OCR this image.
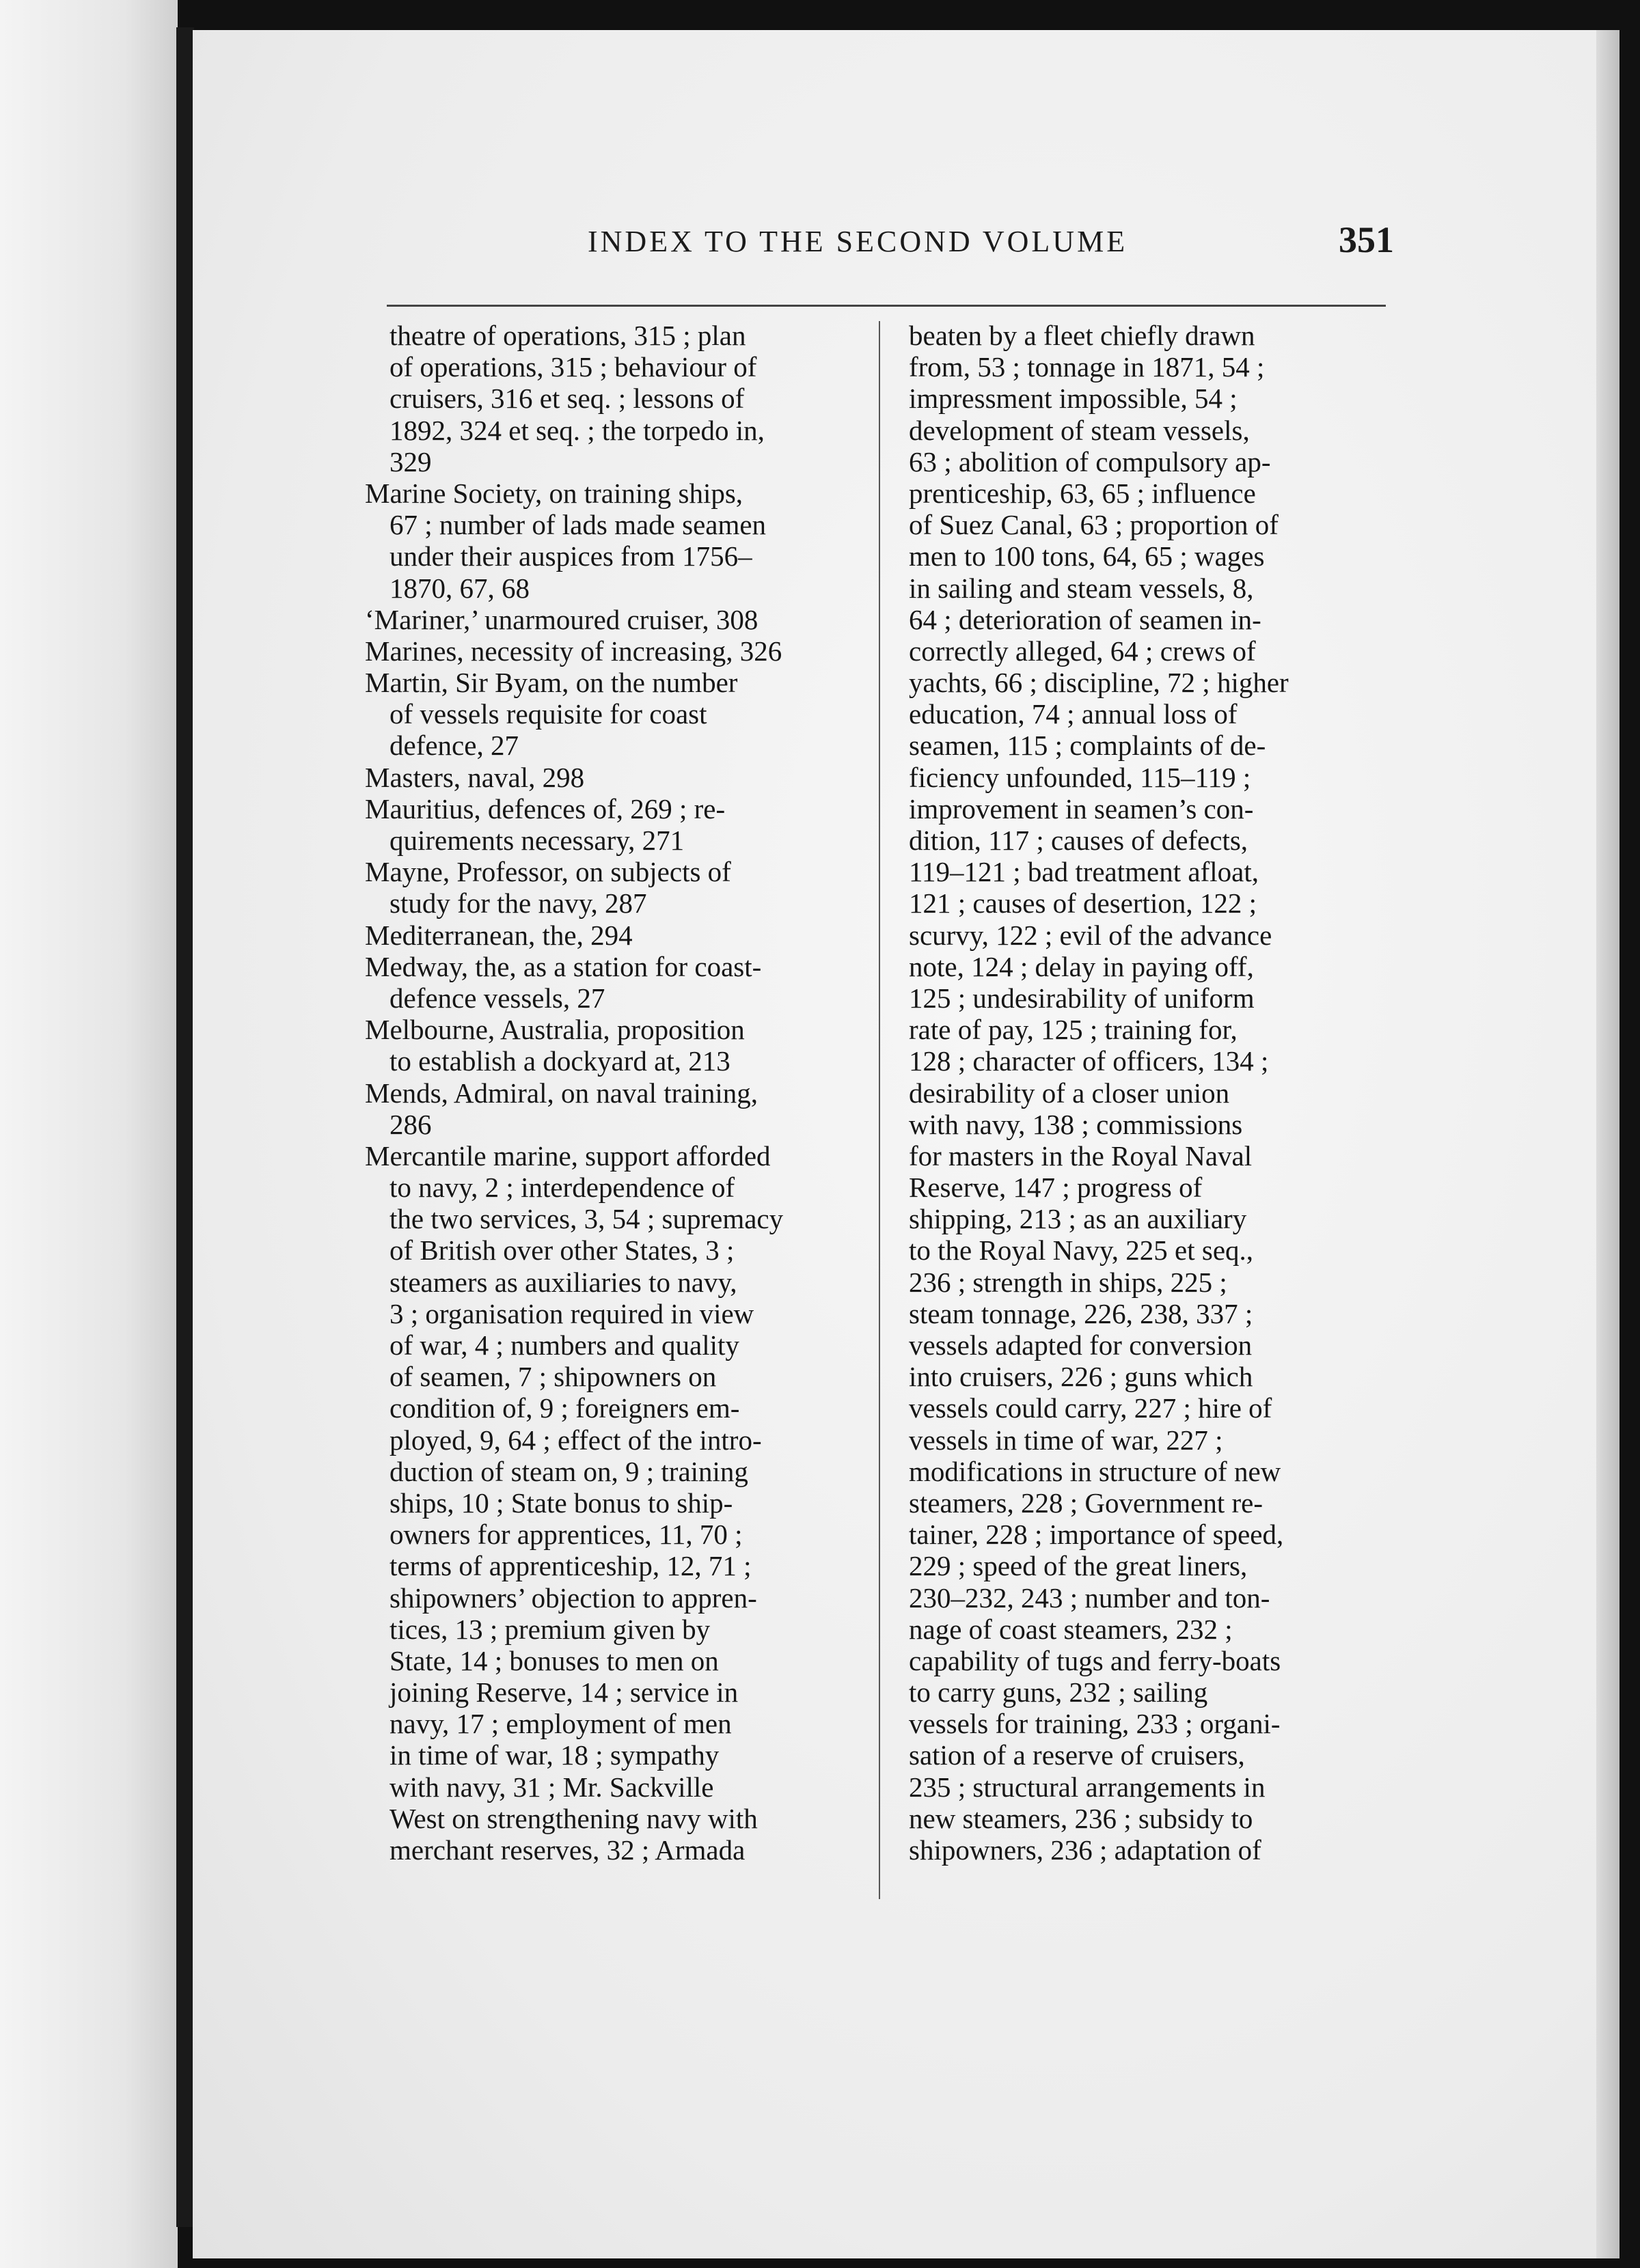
INDEX TO THE SECOND VOLUME	351
theatre of operations, 315 ; plan
of operations, 315 ; behaviour of
cruisers, 316 et seq. ; lessons of
1892, 324 et seq. ; the torpedo in,
329
Marine Society, on training ships,
67 ; number of lads made seamen
under their auspices from 1756–
1870, 67, 68
‘Mariner,’ unarmoured cruiser, 308
Marines, necessity of increasing, 326
Martin, Sir Byam, on the number
of vessels requisite for coast
defence, 27
Masters, naval, 298
Mauritius, defences of, 269 ; re-
quirements necessary, 271
Mayne, Professor, on subjects of
study for the navy, 287
Mediterranean, the, 294
Medway, the, as a station for coast-
defence vessels, 27
Melbourne, Australia, proposition
to establish a dockyard at, 213
Mends, Admiral, on naval training,
286
Mercantile marine, support afforded
to navy, 2 ; interdependence of
the two services, 3, 54 ; supremacy
of British over other States, 3 ;
steamers as auxiliaries to navy,
3 ; organisation required in view
of war, 4 ; numbers and quality
of seamen, 7 ; shipowners on
condition of, 9 ; foreigners em-
ployed, 9, 64 ; effect of the intro-
duction of steam on, 9 ; training
ships, 10 ; State bonus to ship-
owners for apprentices, 11, 70 ;
terms of apprenticeship, 12, 71 ;
shipowners’ objection to appren-
tices, 13 ; premium given by
State, 14 ; bonuses to men on
joining Reserve, 14 ; service in
navy, 17 ; employment of men
in time of war, 18 ; sympathy
with navy, 31 ; Mr. Sackville
West on strengthening navy with
merchant reserves, 32 ; Armada
beaten by a fleet chiefly drawn
from, 53 ; tonnage in 1871, 54 ;
impressment impossible, 54 ;
development of steam vessels,
63 ; abolition of compulsory ap-
prenticeship, 63, 65 ; influence
of Suez Canal, 63 ; proportion of
men to 100 tons, 64, 65 ; wages
in sailing and steam vessels, 8,
64 ; deterioration of seamen in-
correctly alleged, 64 ; crews of
yachts, 66 ; discipline, 72 ; higher
education, 74 ; annual loss of
seamen, 115 ; complaints of de-
ficiency unfounded, 115–119 ;
improvement in seamen’s con-
dition, 117 ; causes of defects,
119–121 ; bad treatment afloat,
121 ; causes of desertion, 122 ;
scurvy, 122 ; evil of the advance
note, 124 ; delay in paying off,
125 ; undesirability of uniform
rate of pay, 125 ; training for,
128 ; character of officers, 134 ;
desirability of a closer union
with navy, 138 ; commissions
for masters in the Royal Naval
Reserve, 147 ; progress of
shipping, 213 ; as an auxiliary
to the Royal Navy, 225 et seq.,
236 ; strength in ships, 225 ;
steam tonnage, 226, 238, 337 ;
vessels adapted for conversion
into cruisers, 226 ; guns which
vessels could carry, 227 ; hire of
vessels in time of war, 227 ;
modifications in structure of new
steamers, 228 ; Government re-
tainer, 228 ; importance of speed,
229 ; speed of the great liners,
230–232, 243 ; number and ton-
nage of coast steamers, 232 ;
capability of tugs and ferry-boats
to carry guns, 232 ; sailing
vessels for training, 233 ; organi-
sation of a reserve of cruisers,
235 ; structural arrangements in
new steamers, 236 ; subsidy to
shipowners, 236 ; adaptation of
